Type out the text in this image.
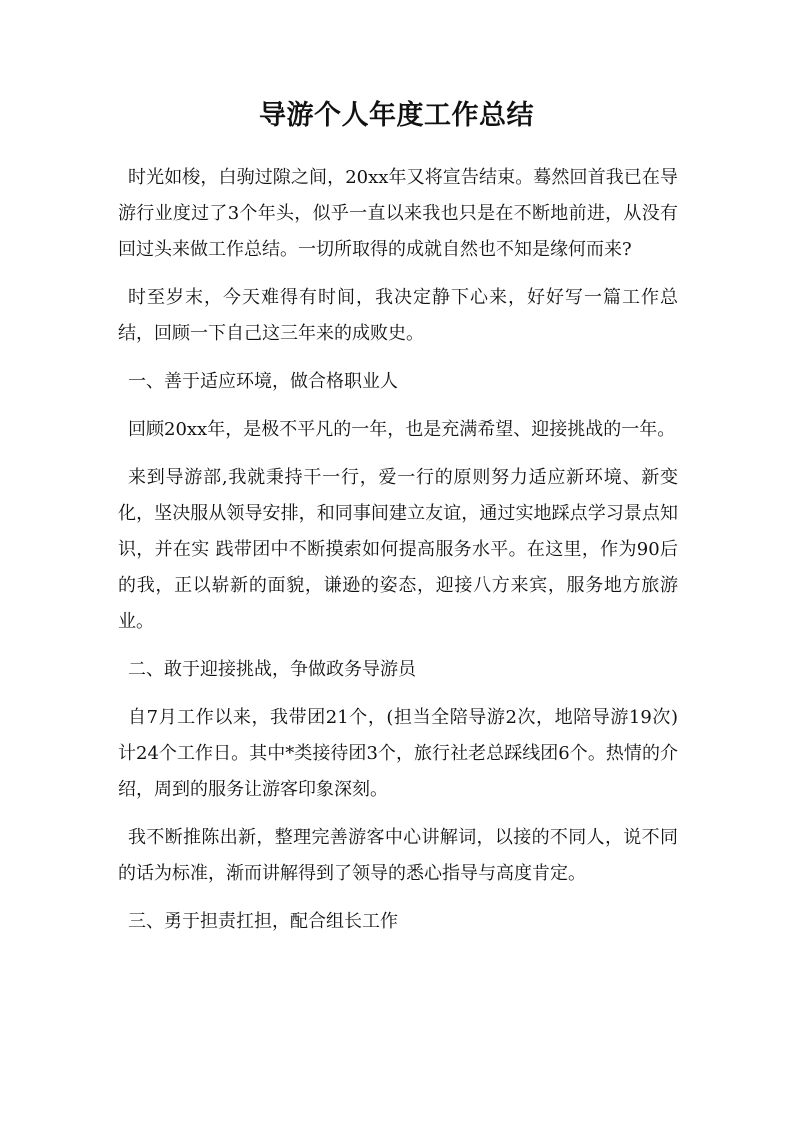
导游个人年度工作总结

时光如梭，白驹过隙之间，20xx年又将宣告结束。蓦然回首我已在导游行业度过了3个年头，似乎一直以来我也只是在不断地前进，从没有回过头来做工作总结。一切所取得的成就自然也不知是缘何而来?

时至岁末，今天难得有时间，我决定静下心来，好好写一篇工作总结，回顾一下自己这三年来的成败史。

一、善于适应环境，做合格职业人

回顾20xx年，是极不平凡的一年，也是充满希望、迎接挑战的一年。

来到导游部,我就秉持干一行，爱一行的原则努力适应新环境、新变化，坚决服从领导安排，和同事间建立友谊，通过实地踩点学习景点知识，并在实 践带团中不断摸索如何提高服务水平。在这里，作为90后的我，正以崭新的面貌，谦逊的姿态，迎接八方来宾，服务地方旅游业。

二、敢于迎接挑战，争做政务导游员

自7月工作以来，我带团21个，(担当全陪导游2次，地陪导游19次)计24个工作日。其中*类接待团3个，旅行社老总踩线团6个。热情的介绍，周到的服务让游客印象深刻。

我不断推陈出新，整理完善游客中心讲解词，以接的不同人，说不同的话为标准，渐而讲解得到了领导的悉心指导与高度肯定。

三、勇于担责扛担，配合组长工作
